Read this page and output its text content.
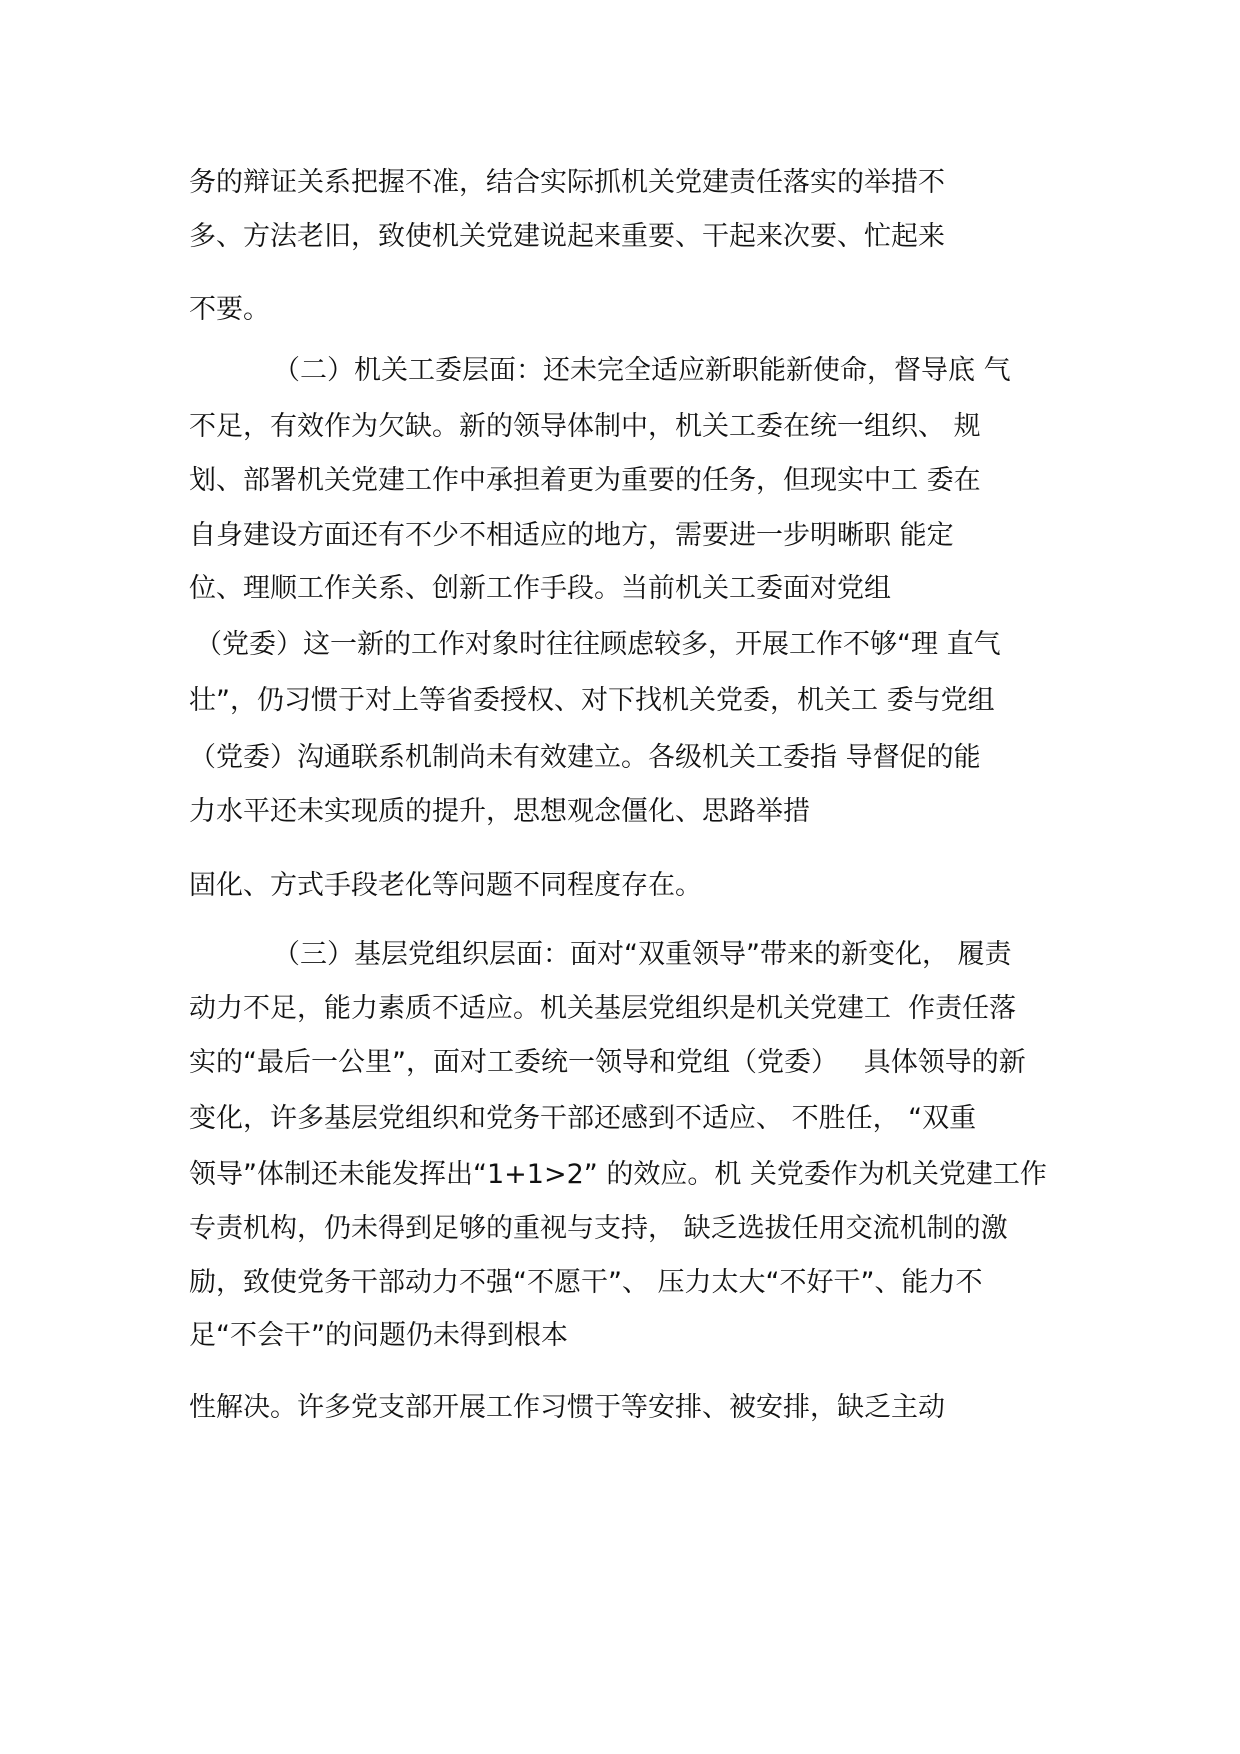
务的辩证关系把握不准，结合实际抓机关党建责任落实的举措不
多、方法老旧，致使机关党建说起来重要、干起来次要、忙起来
不要。
（二）机关工委层面：还未完全适应新职能新使命，督导底 气
不足，有效作为欠缺。新的领导体制中，机关工委在统一组织、 规
划、部署机关党建工作中承担着更为重要的任务，但现实中工 委在
自身建设方面还有不少不相适应的地方，需要进一步明晰职 能定
位、理顺工作关系、创新工作手段。当前机关工委面对党组
（党委）这一新的工作对象时往往顾虑较多，开展工作不够“理 直气
壮”，仍习惯于对上等省委授权、对下找机关党委，机关工 委与党组
（党委）沟通联系机制尚未有效建立。各级机关工委指 导督促的能
力水平还未实现质的提升，思想观念僵化、思路举措
固化、方式手段老化等问题不同程度存在。
（三）基层党组织层面：面对“双重领导”带来的新变化， 履责
动力不足，能力素质不适应。机关基层党组织是机关党建工  作责任落
实的“最后一公里”，面对工委统一领导和党组（党委）   具体领导的新
变化，许多基层党组织和党务干部还感到不适应、 不胜任， “双重
领导”体制还未能发挥出“1+1>2” 的效应。机 关党委作为机关党建工作
专责机构，仍未得到足够的重视与支持， 缺乏选拔任用交流机制的激
励，致使党务干部动力不强“不愿干”、 压力太大“不好干”、能力不
足“不会干”的问题仍未得到根本
性解决。许多党支部开展工作习惯于等安排、被安排，缺乏主动
